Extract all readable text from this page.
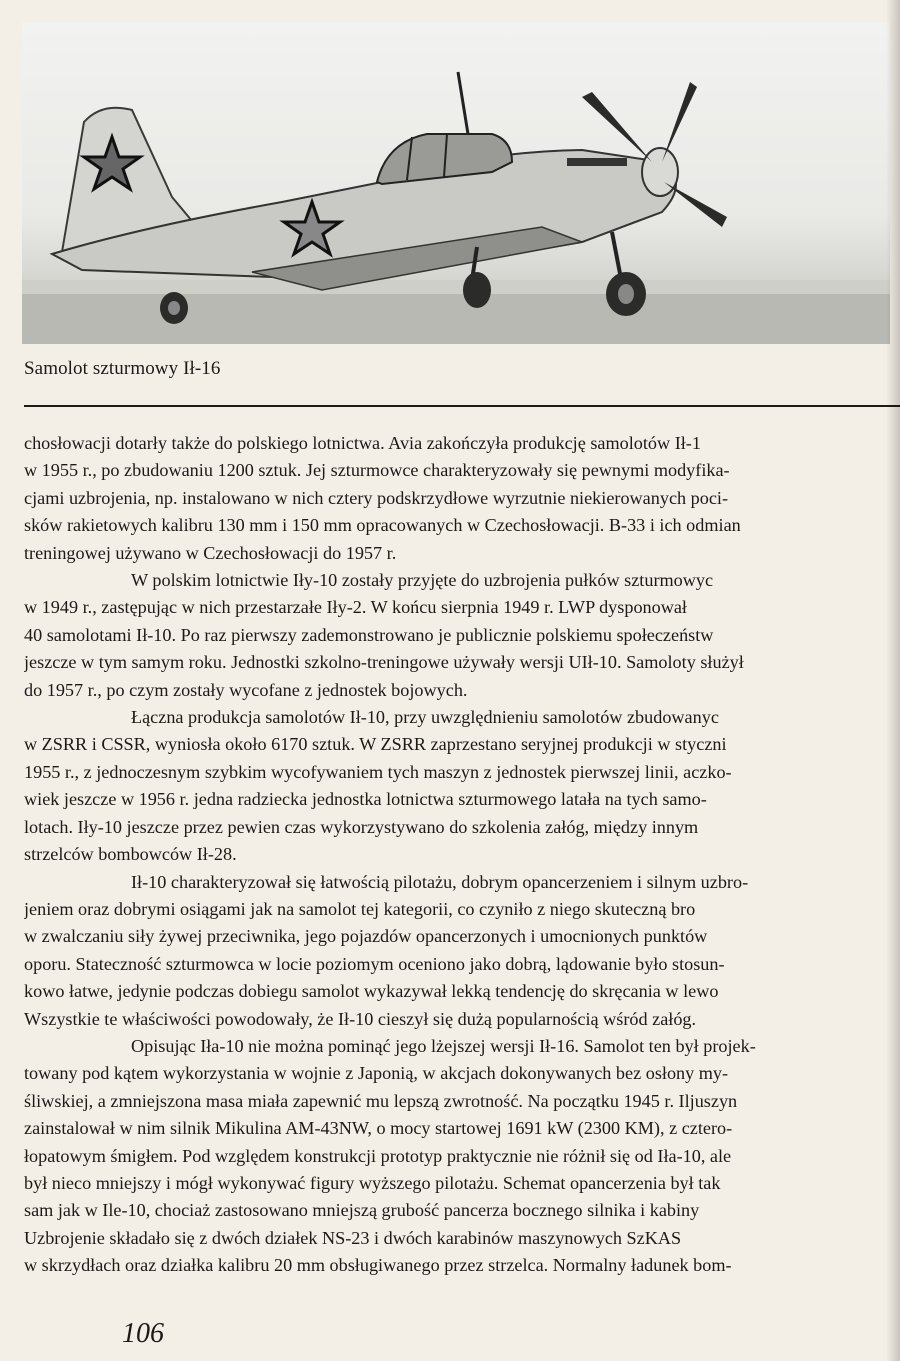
Samolot szturmowy Ił-16
chosłowacji dotarły także do polskiego lotnictwa. Avia zakończyła produkcję samolotów Ił-1
w 1955 r., po zbudowaniu 1200 sztuk. Jej szturmowce charakteryzowały się pewnymi modyfika-
cjami uzbrojenia, np. instalowano w nich cztery podskrzydłowe wyrzutnie niekierowanych poci-
sków rakietowych kalibru 130 mm i 150 mm opracowanych w Czechosłowacji. B-33 i ich odmian
treningowej używano w Czechosłowacji do 1957 r.
W polskim lotnictwie Iły-10 zostały przyjęte do uzbrojenia pułków szturmowyc
w 1949 r., zastępując w nich przestarzałe Iły-2. W końcu sierpnia 1949 r. LWP dysponował
40 samolotami Ił-10. Po raz pierwszy zademonstrowano je publicznie polskiemu społeczeństw
jeszcze w tym samym roku. Jednostki szkolno-treningowe używały wersji UIł-10. Samoloty służył
do 1957 r., po czym zostały wycofane z jednostek bojowych.
Łączna produkcja samolotów Ił-10, przy uwzględnieniu samolotów zbudowanyc
w ZSRR i CSSR, wyniosła około 6170 sztuk. W ZSRR zaprzestano seryjnej produkcji w styczni
1955 r., z jednoczesnym szybkim wycofywaniem tych maszyn z jednostek pierwszej linii, aczko-
wiek jeszcze w 1956 r. jedna radziecka jednostka lotnictwa szturmowego latała na tych samo-
lotach. Iły-10 jeszcze przez pewien czas wykorzystywano do szkolenia załóg, między innym
strzelców bombowców Ił-28.
Ił-10 charakteryzował się łatwością pilotażu, dobrym opancerzeniem i silnym uzbro-
jeniem oraz dobrymi osiągami jak na samolot tej kategorii, co czyniło z niego skuteczną bro
w zwalczaniu siły żywej przeciwnika, jego pojazdów opancerzonych i umocnionych punktów
oporu. Stateczność szturmowca w locie poziomym oceniono jako dobrą, lądowanie było stosun-
kowo łatwe, jedynie podczas dobiegu samolot wykazywał lekką tendencję do skręcania w lewo
Wszystkie te właściwości powodowały, że Ił-10 cieszył się dużą popularnością wśród załóg.
Opisując Iła-10 nie można pominąć jego lżejszej wersji Ił-16. Samolot ten był projek-
towany pod kątem wykorzystania w wojnie z Japonią, w akcjach dokonywanych bez osłony my-
śliwskiej, a zmniejszona masa miała zapewnić mu lepszą zwrotność. Na początku 1945 r. Iljuszyn
zainstalował w nim silnik Mikulina AM-43NW, o mocy startowej 1691 kW (2300 KM), z cztero-
łopatowym śmigłem. Pod względem konstrukcji prototyp praktycznie nie różnił się od Iła-10, ale
był nieco mniejszy i mógł wykonywać figury wyższego pilotażu. Schemat opancerzenia był tak
sam jak w Ile-10, chociaż zastosowano mniejszą grubość pancerza bocznego silnika i kabiny
Uzbrojenie składało się z dwóch działek NS-23 i dwóch karabinów maszynowych SzKAS
w skrzydłach oraz działka kalibru 20 mm obsługiwanego przez strzelca. Normalny ładunek bom-
106
